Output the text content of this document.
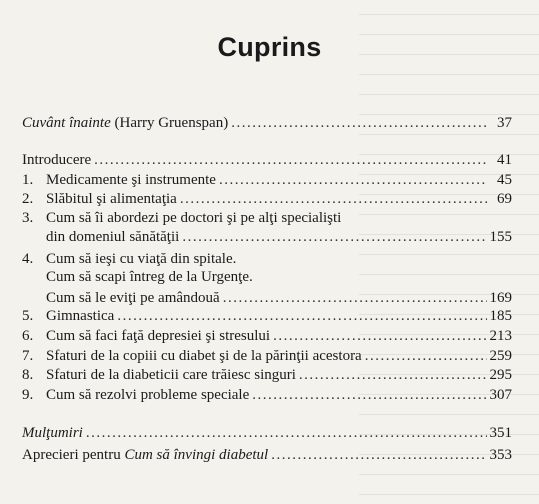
Cuprins
Cuvânt înainte (Harry Gruenspan) .....	37
Introducere .....	41
1. Medicamente şi instrumente .....	45
2. Slăbitul şi alimentaţia .....	69
3. Cum să îi abordezi pe doctori şi pe alţi specialişti
din domeniul sănătăţii .....	155
4. Cum să ieşi cu viaţă din spitale.
Cum să scapi întreg de la Urgenţe.
Cum să le eviţi pe amândouă .....	169
5. Gimnastica .....	185
6. Cum să faci faţă depresiei şi stresului .....	213
7. Sfaturi de la copiii cu diabet şi de la părinţii acestora .....	259
8. Sfaturi de la diabeticii care trăiesc singuri .....	295
9. Cum să rezolvi probleme speciale .....	307
Mulţumiri .....	351
Aprecieri pentru Cum să învingi diabetul .....	353
